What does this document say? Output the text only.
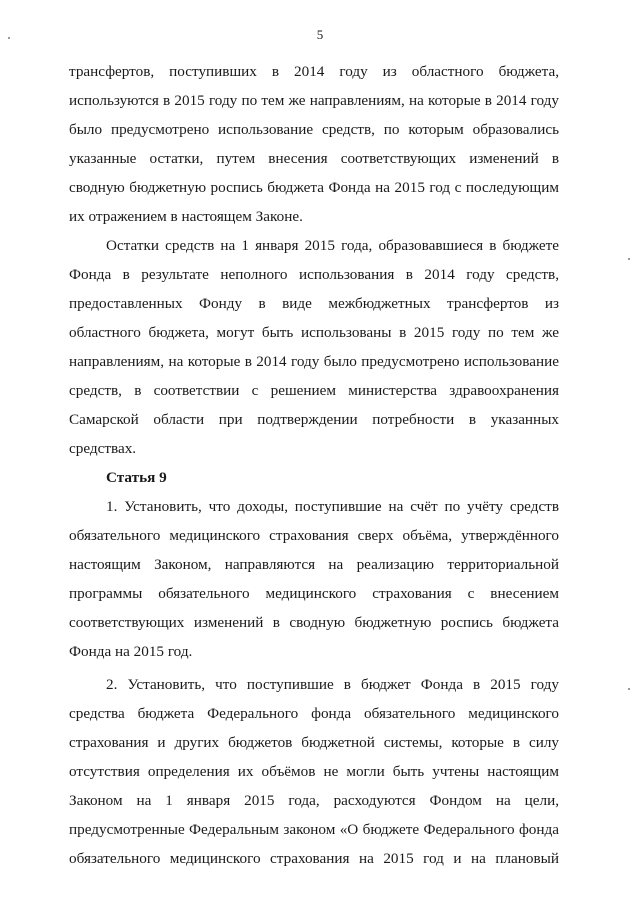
5
трансфертов, поступивших в 2014 году из областного бюджета,
используются в 2015 году по тем же направлениям, на которые в 2014 году
было предусмотрено использование средств, по которым образовались
указанные остатки, путем внесения соответствующих изменений в
сводную бюджетную роспись бюджета Фонда на 2015 год с последующим
их отражением в настоящем Законе.
Остатки средств на 1 января 2015 года, образовавшиеся в бюджете
Фонда в результате неполного использования в 2014 году средств,
предоставленных Фонду в виде межбюджетных трансфертов из
областного бюджета, могут быть использованы в 2015 году по тем же
направлениям, на которые в 2014 году было предусмотрено использование
средств, в соответствии с решением министерства здравоохранения
Самарской области при подтверждении потребности в указанных
средствах.
Статья 9
1. Установить, что доходы, поступившие на счёт по учёту средств
обязательного медицинского страхования сверх объёма, утверждённого
настоящим Законом, направляются на реализацию территориальной
программы обязательного медицинского страхования с внесением
соответствующих изменений в сводную бюджетную роспись бюджета
Фонда на 2015 год.
2. Установить, что поступившие в бюджет Фонда в 2015 году
средства бюджета Федерального фонда обязательного медицинского
страхования и других бюджетов бюджетной системы, которые в силу
отсутствия определения их объёмов не могли быть учтены настоящим
Законом на 1 января 2015 года, расходуются Фондом на цели,
предусмотренные Федеральным законом «О бюджете Федерального фонда
обязательного медицинского страхования на 2015 год и на плановый
